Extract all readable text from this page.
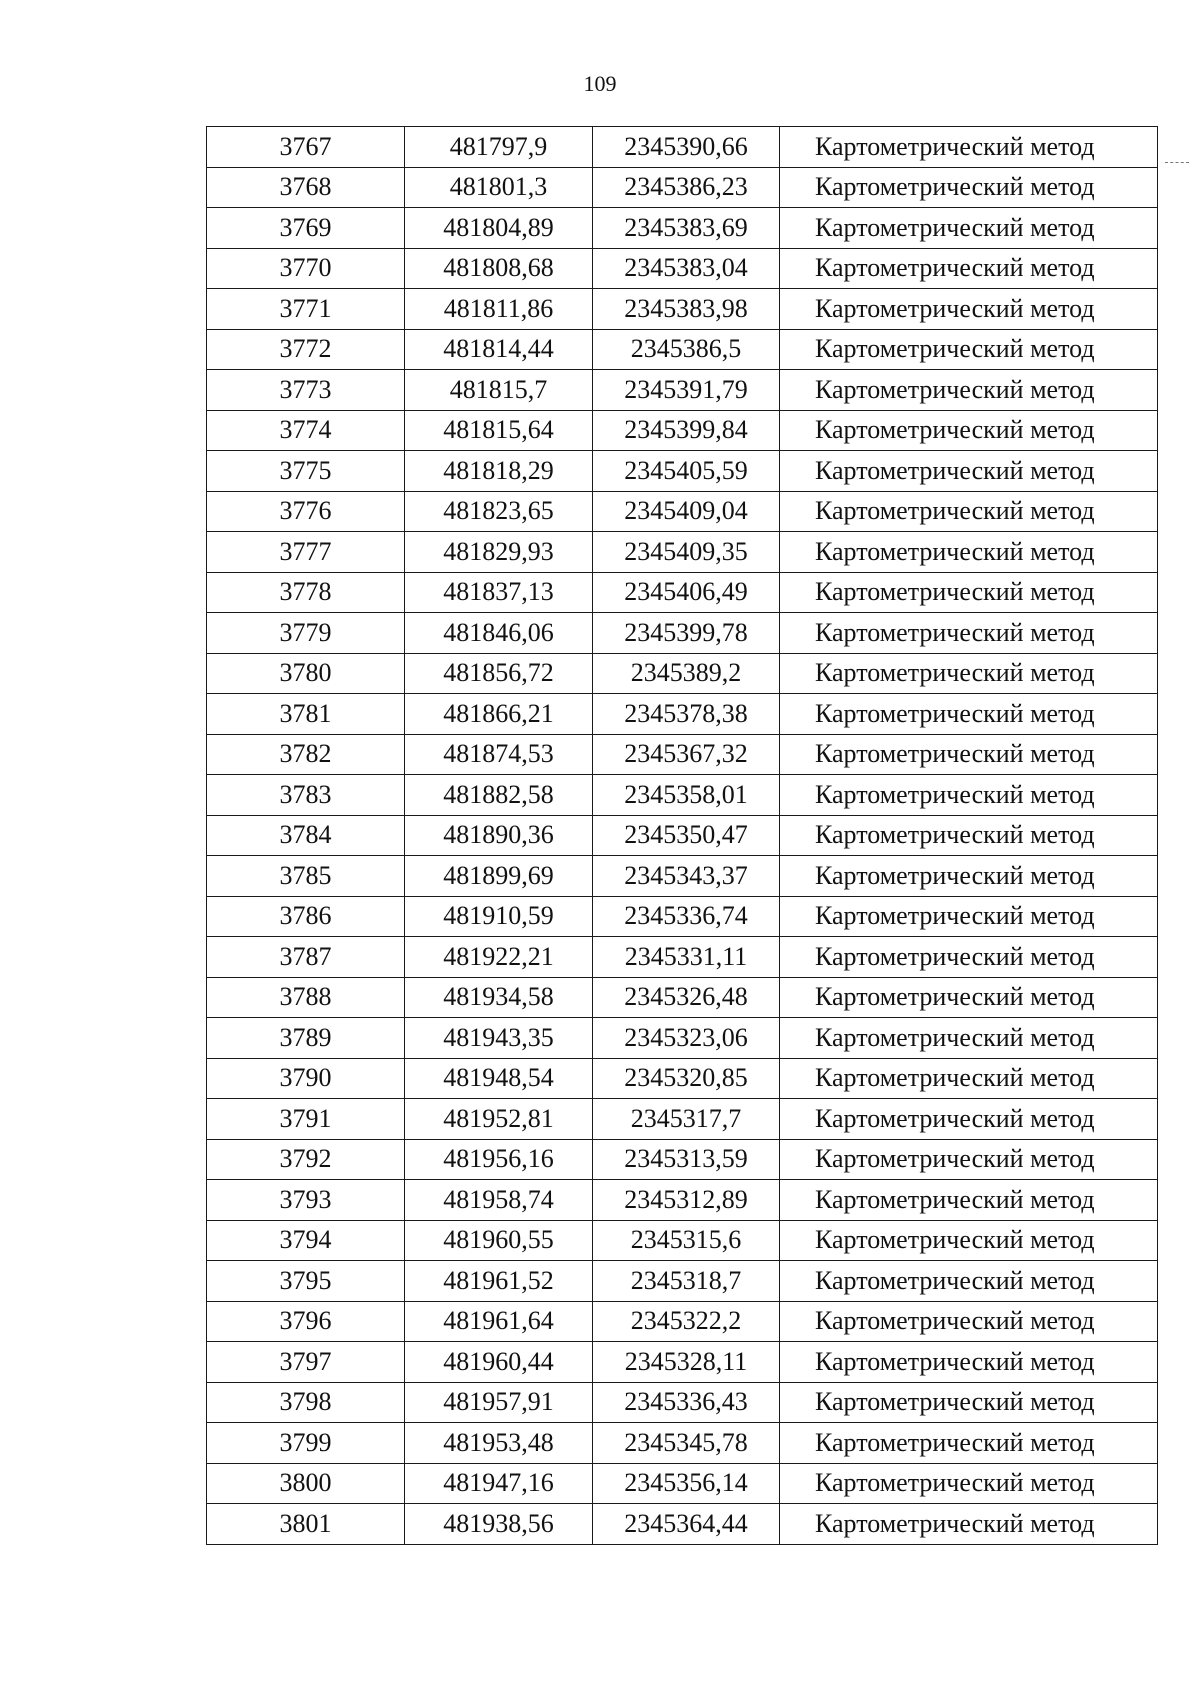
109
3767	481797,9	2345390,66	Картометрический метод
3768	481801,3	2345386,23	Картометрический метод
3769	481804,89	2345383,69	Картометрический метод
3770	481808,68	2345383,04	Картометрический метод
3771	481811,86	2345383,98	Картометрический метод
3772	481814,44	2345386,5	Картометрический метод
3773	481815,7	2345391,79	Картометрический метод
3774	481815,64	2345399,84	Картометрический метод
3775	481818,29	2345405,59	Картометрический метод
3776	481823,65	2345409,04	Картометрический метод
3777	481829,93	2345409,35	Картометрический метод
3778	481837,13	2345406,49	Картометрический метод
3779	481846,06	2345399,78	Картометрический метод
3780	481856,72	2345389,2	Картометрический метод
3781	481866,21	2345378,38	Картометрический метод
3782	481874,53	2345367,32	Картометрический метод
3783	481882,58	2345358,01	Картометрический метод
3784	481890,36	2345350,47	Картометрический метод
3785	481899,69	2345343,37	Картометрический метод
3786	481910,59	2345336,74	Картометрический метод
3787	481922,21	2345331,11	Картометрический метод
3788	481934,58	2345326,48	Картометрический метод
3789	481943,35	2345323,06	Картометрический метод
3790	481948,54	2345320,85	Картометрический метод
3791	481952,81	2345317,7	Картометрический метод
3792	481956,16	2345313,59	Картометрический метод
3793	481958,74	2345312,89	Картометрический метод
3794	481960,55	2345315,6	Картометрический метод
3795	481961,52	2345318,7	Картометрический метод
3796	481961,64	2345322,2	Картометрический метод
3797	481960,44	2345328,11	Картометрический метод
3798	481957,91	2345336,43	Картометрический метод
3799	481953,48	2345345,78	Картометрический метод
3800	481947,16	2345356,14	Картометрический метод
3801	481938,56	2345364,44	Картометрический метод
